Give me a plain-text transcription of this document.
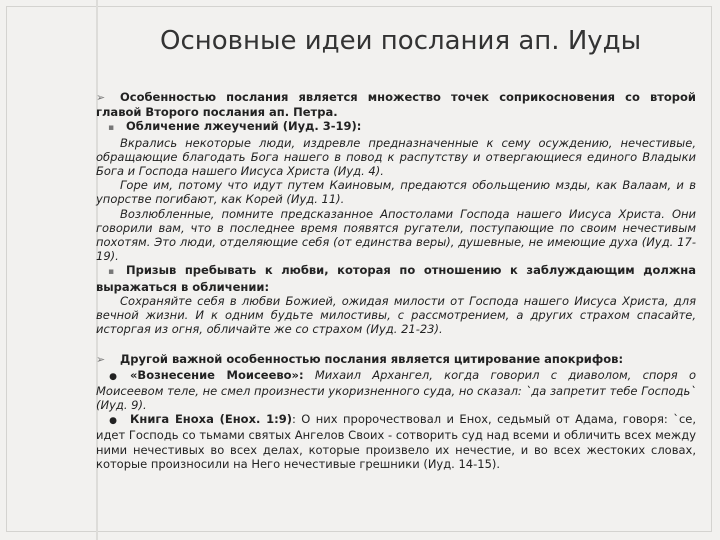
Основные идеи послания ап. Иуды

➢ Особенностью послания является множество точек соприкосновения со второй главой Второго послания ап. Петра.

▪ Обличение лжеучений (Иуд. 3-19):

Вкрались некоторые люди, издревле предназначенные к сему осуждению, нечестивые, обращающие благодать Бога нашего в повод к распутству и отвергающиеся единого Владыки Бога и Господа нашего Иисуса Христа (Иуд. 4).

Горе им, потому что идут путем Каиновым, предаются обольщению мзды, как Валаам, и в упорстве погибают, как Корей (Иуд. 11).

Возлюбленные, помните предсказанное Апостолами Господа нашего Иисуса Христа. Они говорили вам, что в последнее время появятся ругатели, поступающие по своим нечестивым похотям. Это люди, отделяющие себя (от единства веры), душевные, не имеющие духа (Иуд. 17-19).

▪ Призыв пребывать к любви, которая по отношению к заблуждающим должна выражаться в обличении:

Сохраняйте себя в любви Божией, ожидая милости от Господа нашего Иисуса Христа, для вечной жизни. И к одним будьте милостивы, с рассмотрением, а других страхом спасайте, исторгая из огня, обличайте же со страхом (Иуд. 21-23).

➢ Другой важной особенностью послания является цитирование апокрифов:

● «Вознесение Моисеево»: Михаил Архангел, когда говорил с диаволом, споря о Моисеевом теле, не смел произнести укоризненного суда, но сказал: `да запретит тебе Господь` (Иуд. 9).

● Книга Еноха (Енох. 1:9): О них пророчествовал и Енох, седьмый от Адама, говоря: `се, идет Господь со тьмами святых Ангелов Своих - сотворить суд над всеми и обличить всех между ними нечестивых во всех делах, которые произвело их нечестие, и во всех жестоких словах, которые произносили на Него нечестивые грешники (Иуд. 14-15).
